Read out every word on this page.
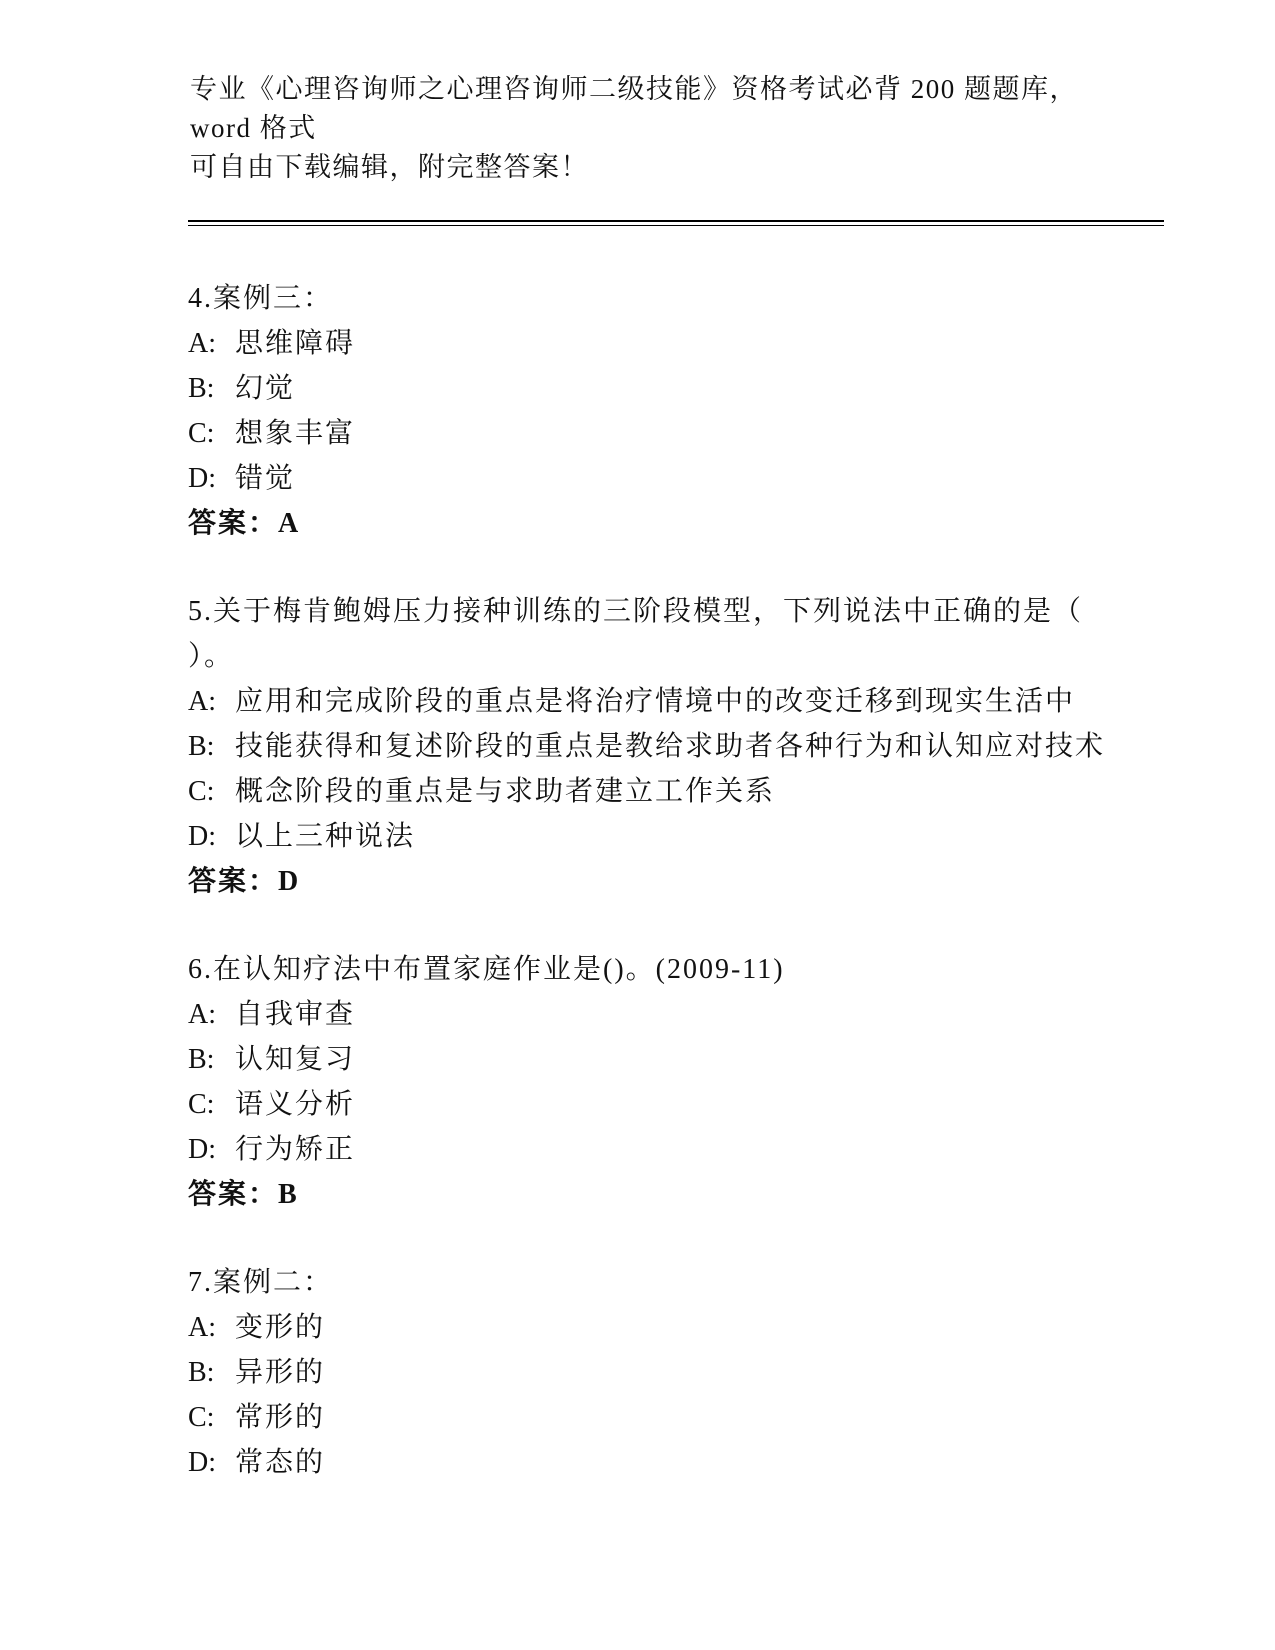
专业《心理咨询师之心理咨询师二级技能》资格考试必背 200 题题库，word 格式
可自由下载编辑，附完整答案！
4.案例三：
A: 思维障碍
B: 幻觉
C: 想象丰富
D: 错觉
答案：A
5.关于梅肯鲍姆压力接种训练的三阶段模型，下列说法中正确的是（
）。
A: 应用和完成阶段的重点是将治疗情境中的改变迁移到现实生活中
B: 技能获得和复述阶段的重点是教给求助者各种行为和认知应对技术
C: 概念阶段的重点是与求助者建立工作关系
D: 以上三种说法
答案：D
6.在认知疗法中布置家庭作业是()。(2009-11)
A: 自我审查
B: 认知复习
C: 语义分析
D: 行为矫正
答案：B
7.案例二：
A: 变形的
B: 异形的
C: 常形的
D: 常态的
